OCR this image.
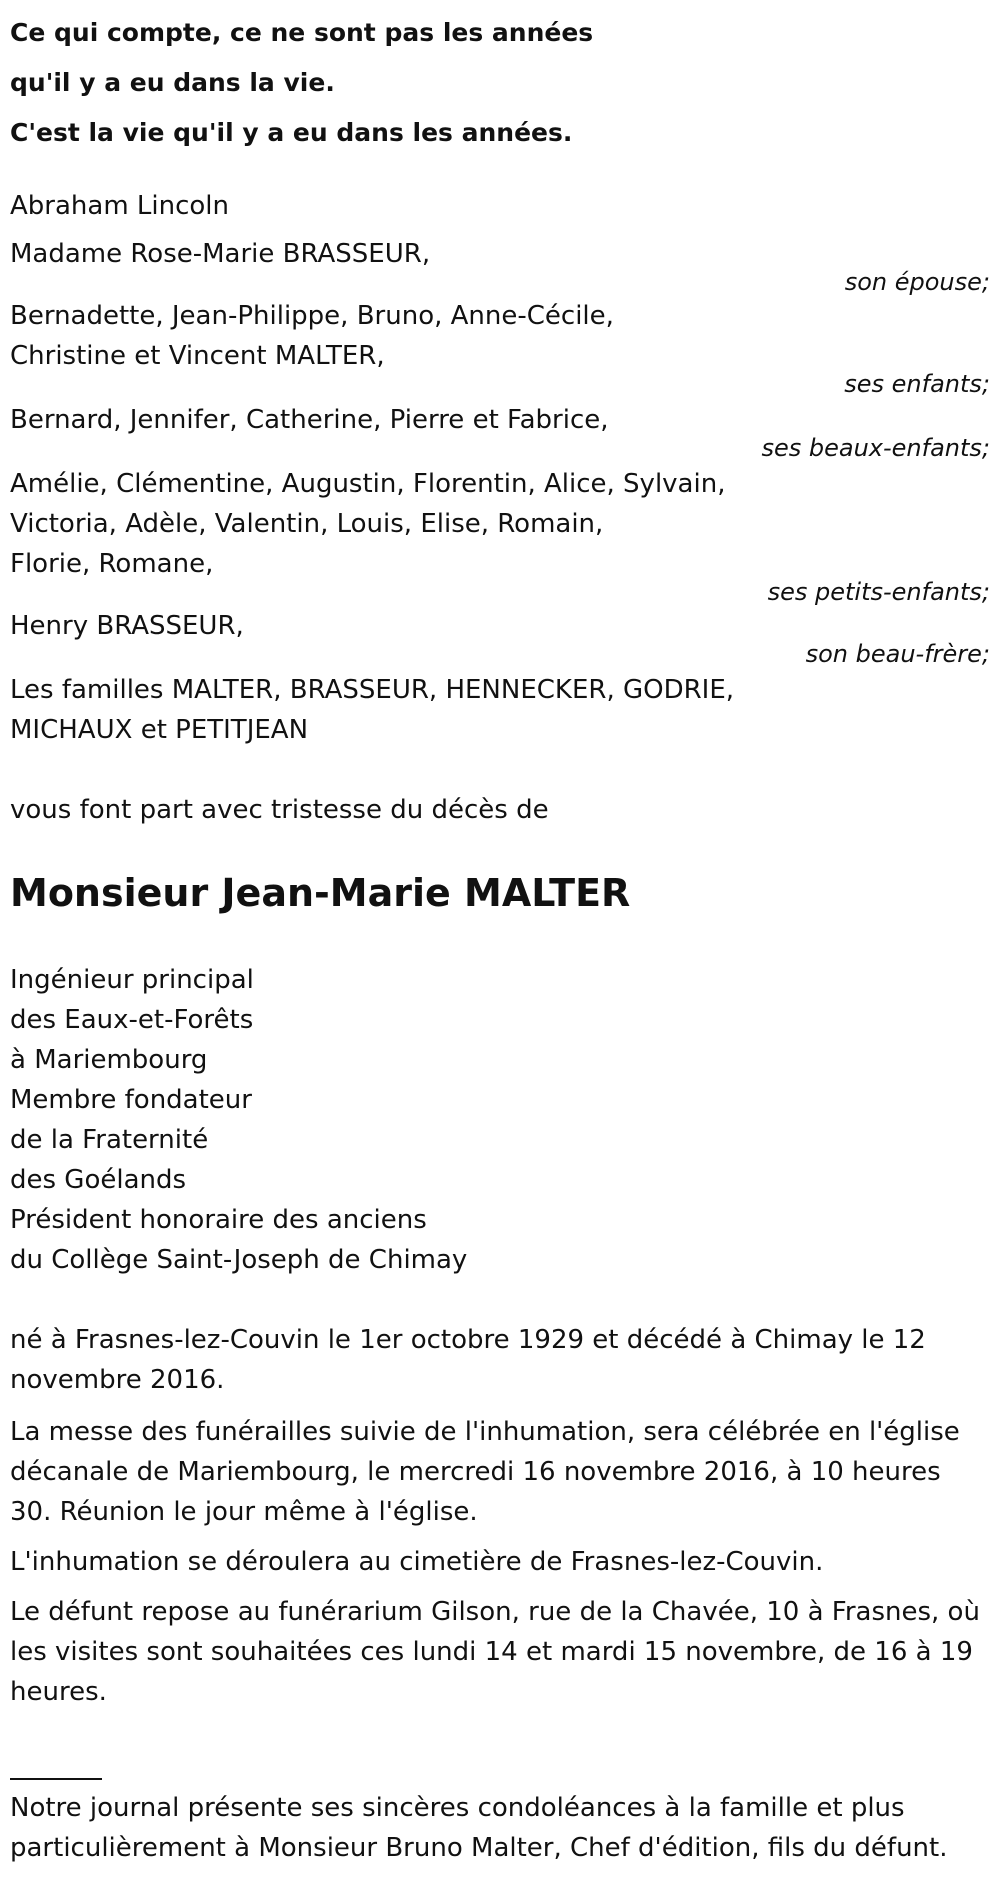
Ce qui compte, ce ne sont pas les années
qu'il y a eu dans la vie.
C'est la vie qu'il y a eu dans les années.
Abraham Lincoln
Madame Rose-Marie BRASSEUR,
son épouse;
Bernadette, Jean-Philippe, Bruno, Anne-Cécile,
Christine et Vincent MALTER,
ses enfants;
Bernard, Jennifer, Catherine, Pierre et Fabrice,
ses beaux-enfants;
Amélie, Clémentine, Augustin, Florentin, Alice, Sylvain,
Victoria, Adèle, Valentin, Louis, Elise, Romain,
Florie, Romane,
ses petits-enfants;
Henry BRASSEUR,
son beau-frère;
Les familles MALTER, BRASSEUR, HENNECKER, GODRIE,
MICHAUX et PETITJEAN
vous font part avec tristesse du décès de
Monsieur Jean-Marie MALTER
Ingénieur principal
des Eaux-et-Forêts
à Mariembourg
Membre fondateur
de la Fraternité
des Goélands
Président honoraire des anciens
du Collège Saint-Joseph de Chimay
né à Frasnes-lez-Couvin le 1er octobre 1929 et décédé à Chimay le 12 novembre 2016.
La messe des funérailles suivie de l'inhumation, sera célébrée en l'église décanale de Mariembourg, le mercredi 16 novembre 2016, à 10 heures 30. Réunion le jour même à l'église.
L'inhumation se déroulera au cimetière de Frasnes-lez-Couvin.
Le défunt repose au funérarium Gilson, rue de la Chavée, 10 à Frasnes, où les visites sont souhaitées ces lundi 14 et mardi 15 novembre, de 16 à 19 heures.
Notre journal présente ses sincères condoléances à la famille et plus particulièrement à Monsieur Bruno Malter, Chef d'édition, fils du défunt.
